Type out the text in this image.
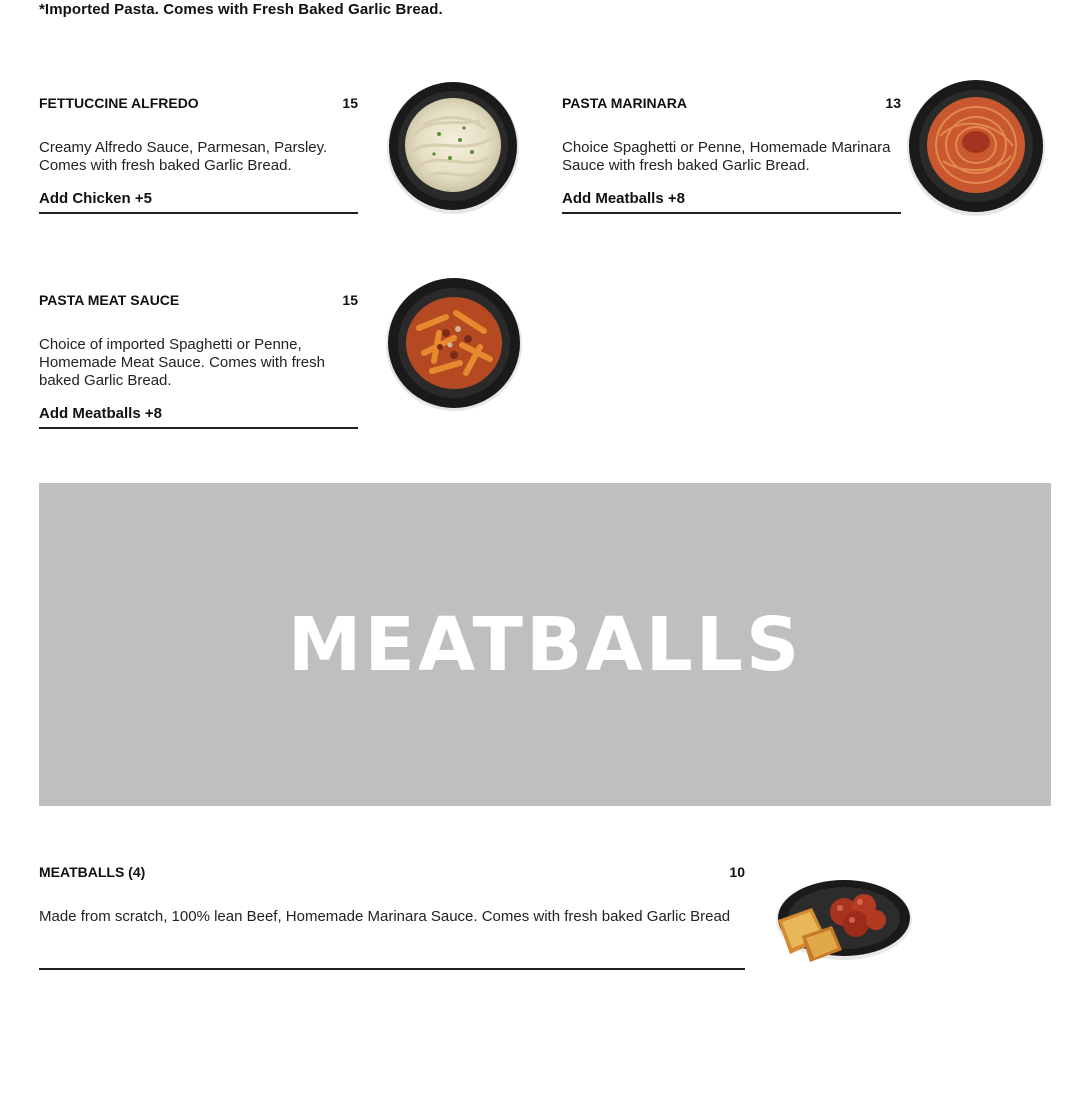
*Imported Pasta. Comes with Fresh Baked Garlic Bread.
FETTUCCINE ALFREDO	15
Creamy Alfredo Sauce, Parmesan, Parsley. Comes with fresh baked Garlic Bread.
Add Chicken +5
PASTA MARINARA	13
Choice Spaghetti or Penne, Homemade Marinara Sauce with fresh baked Garlic Bread.
Add Meatballs +8
PASTA MEAT SAUCE	15
Choice of imported Spaghetti or Penne, Homemade Meat Sauce. Comes with fresh baked Garlic Bread.
Add Meatballs +8
MEATBALLS
MEATBALLS (4)	10
Made from scratch, 100% lean Beef, Homemade Marinara Sauce. Comes with fresh baked Garlic Bread
